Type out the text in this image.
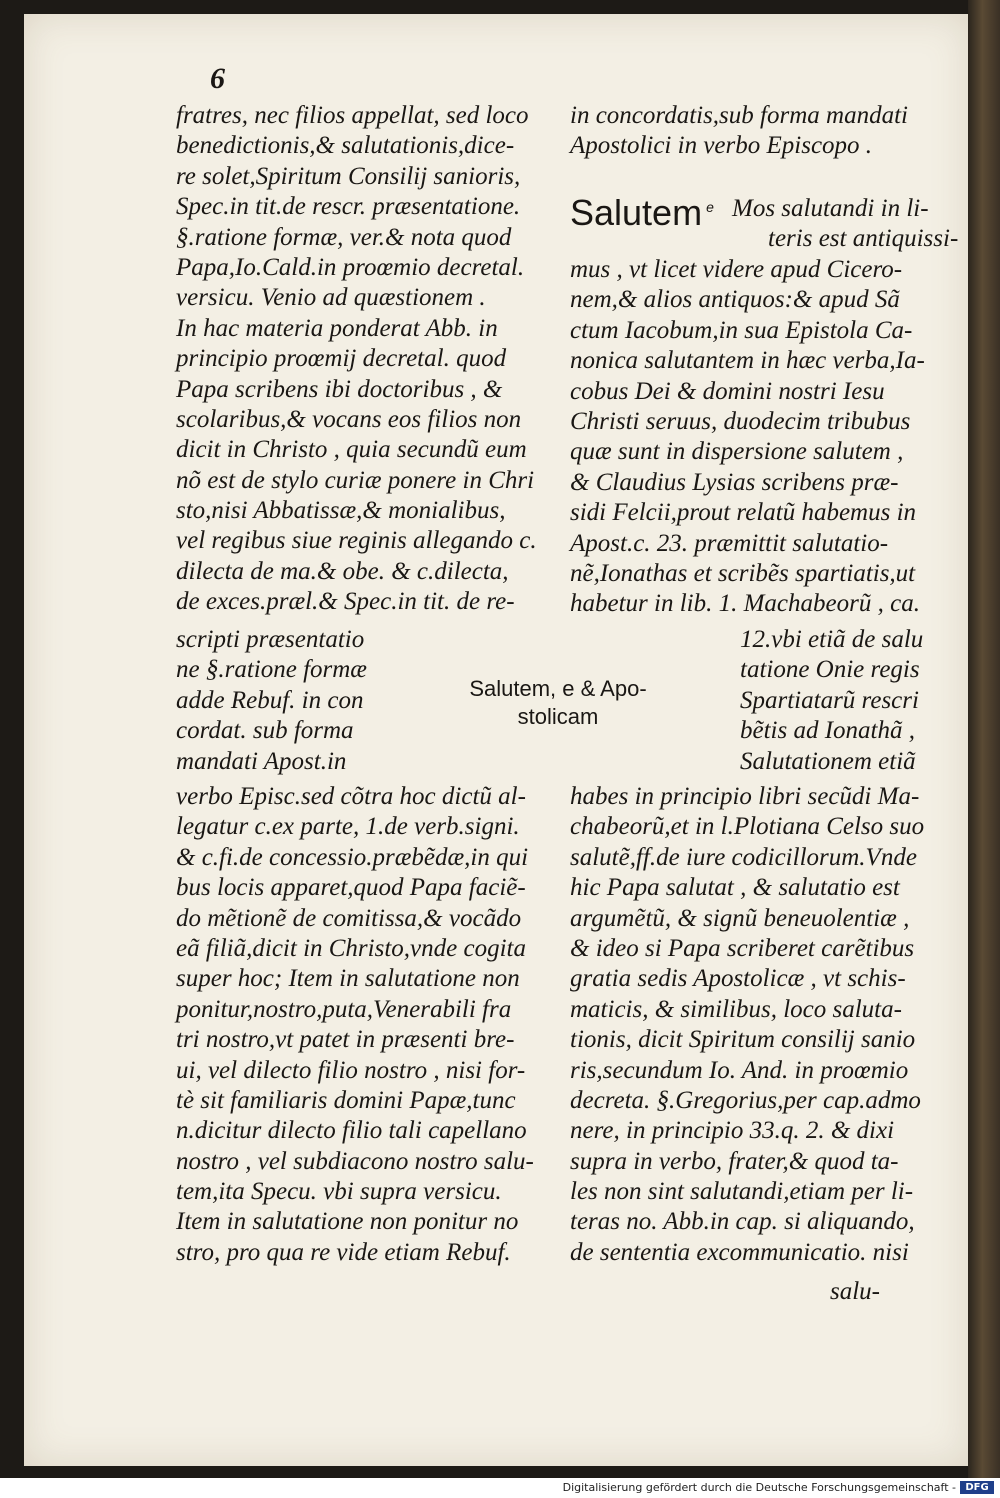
6
fratres, nec filios appellat, sed loco
benedictionis,& salutationis,dice-
re solet,Spiritum Consilij sanioris,
Spec.in tit.de rescr. præsentatione.
§.ratione formæ, ver.& nota quod
Papa,Io.Cald.in proœmio decretal.
versicu. Venio ad quæstionem .
In hac materia ponderat Abb. in
principio proœmij decretal. quod
Papa scribens ibi doctoribus , &
scolaribus,& vocans eos filios non
dicit in Christo , quia secundũ eum
nõ est de stylo curiæ ponere in Chri
sto,nisi Abbatissæ,& monialibus,
vel regibus siue reginis allegando c.
dilecta de ma.& obe. & c.dilecta,
de exces.præl.& Spec.in tit. de re-
in concordatis,sub forma mandati
Apostolici in verbo Episcopo .
Salutem $^e$ Mos salutandi in li-
teris est antiquissi-
mus , vt licet videre apud Cicero-
nem,& alios antiquos:& apud Sã
ctum Iacobum,in sua Epistola Ca-
nonica salutantem in hæc verba,Ia-
cobus Dei & domini nostri Iesu
Christi seruus, duodecim tribubus
quæ sunt in dispersione salutem ,
& Claudius Lysias scribens præ-
sidi Felcii,prout relatũ habemus in
Apost.c. 23. præmittit salutatio-
nẽ,Ionathas et scribẽs spartiatis,ut
habetur in lib. 1. Machabeorũ , ca.
scripti præsentatio
ne §.ratione formæ
adde Rebuf. in con
cordat. sub forma
mandati Apost.in
Salutem, e & Apo-
stolicam
12.vbi etiã de salu
tatione Onie regis
Spartiatarũ rescri
bẽtis ad Ionathã ,
Salutationem etiã
verbo Episc.sed cõtra hoc dictũ al-
legatur c.ex parte, 1.de verb.signi.
& c.fi.de concessio.præbẽdæ,in qui
bus locis apparet,quod Papa faciẽ-
do mẽtionẽ de comitissa,& vocãdo
eã filiã,dicit in Christo,vnde cogita
super hoc; Item in salutatione non
ponitur,nostro,puta,Venerabili fra
tri nostro,vt patet in præsenti bre-
ui, vel dilecto filio nostro , nisi for-
tè sit familiaris domini Papæ,tunc
n.dicitur dilecto filio tali capellano
nostro , vel subdiacono nostro salu-
tem,ita Specu. vbi supra versicu.
Item in salutatione non ponitur no
stro, pro qua re vide etiam Rebuf.
habes in principio libri secũdi Ma-
chabeorũ,et in l.Plotiana Celso suo
salutẽ,ff.de iure codicillorum.Vnde
hic Papa salutat , & salutatio est
argumẽtũ, & signũ beneuolentiæ ,
& ideo si Papa scriberet carẽtibus
gratia sedis Apostolicæ , vt schis-
maticis, & similibus, loco saluta-
tionis, dicit Spiritum consilij sanio
ris,secundum Io. And. in proœmio
decreta. §.Gregorius,per cap.admo
nere, in principio 33.q. 2. & dixi
supra in verbo, frater,& quod ta-
les non sint salutandi,etiam per li-
teras no. Abb.in cap. si aliquando,
de sententia excommunicatio. nisi
salu-
Digitalisierung gefördert durch die Deutsche Forschungsgemeinschaft - DFG
